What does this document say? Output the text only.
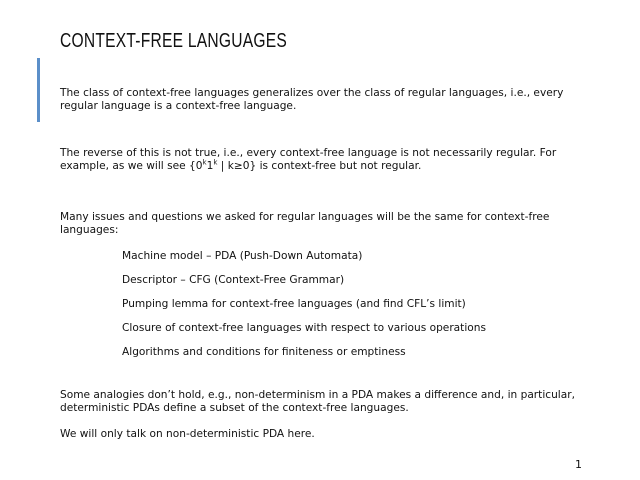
CONTEXT-FREE LANGUAGES
The class of context-free languages generalizes over the class of regular languages, i.e., every regular language is a context-free language.
The reverse of this is not true, i.e., every context-free language is not necessarily regular. For example, as we will see {0$^k$1$^k$ | k≥0} is context-free but not regular.
Many issues and questions we asked for regular languages will be the same for context-free languages:
Machine model – PDA (Push-Down Automata)
Descriptor – CFG (Context-Free Grammar)
Pumping lemma for context-free languages (and find CFL’s limit)
Closure of context-free languages with respect to various operations
Algorithms and conditions for finiteness or emptiness
Some analogies don’t hold, e.g., non-determinism in a PDA makes a difference and, in particular, deterministic PDAs define a subset of the context-free languages.
We will only talk on non-deterministic PDA here.
1
